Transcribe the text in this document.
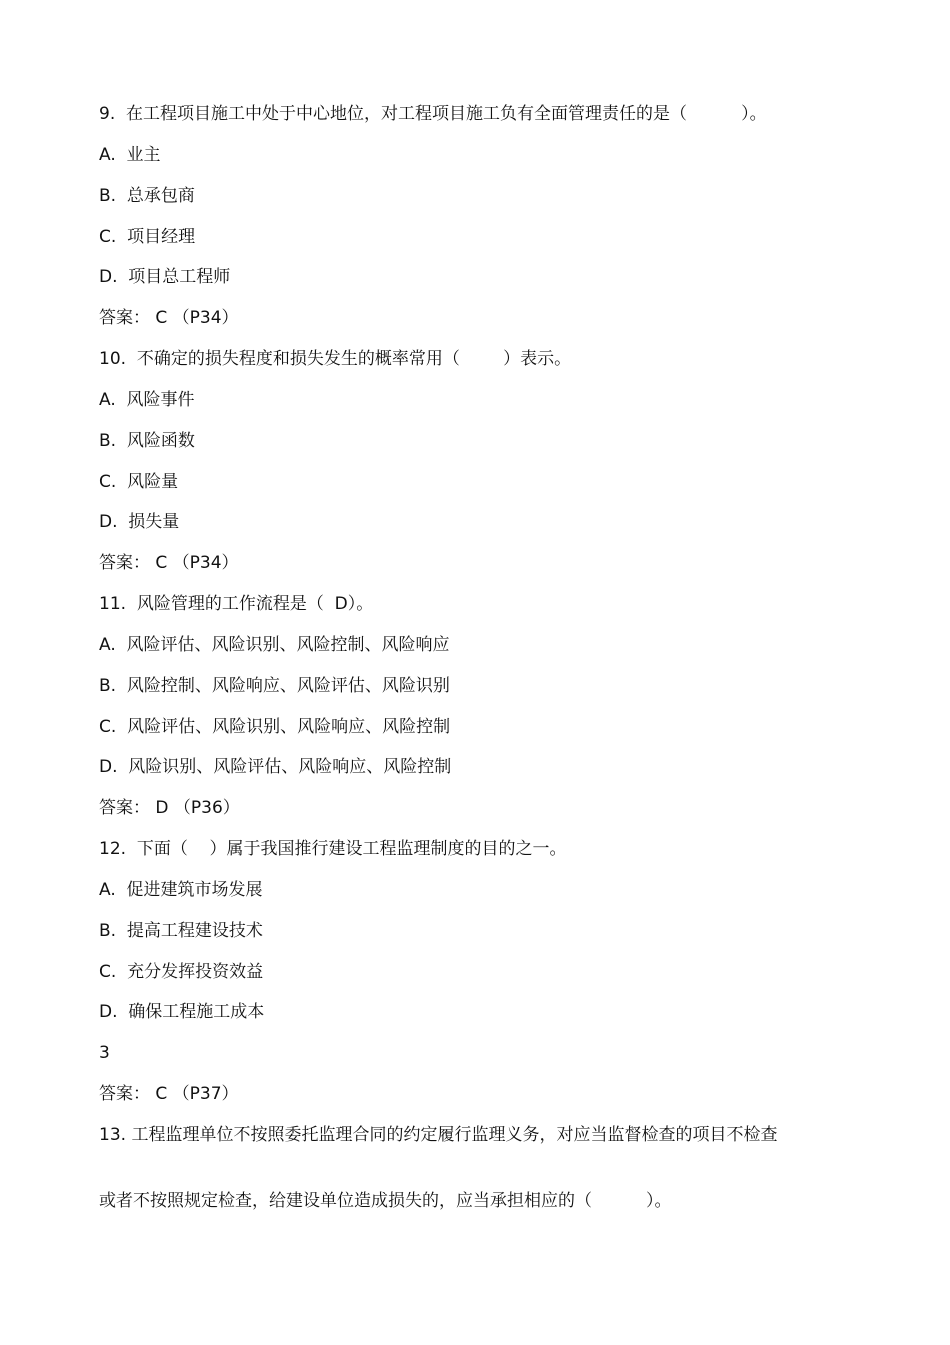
9.  在工程项目施工中处于中心地位，对工程项目施工负有全面管理责任的是（          ）。

A.  业主

B.  总承包商

C.  项目经理

D.  项目总工程师

答案： C （P34）

10.  不确定的损失程度和损失发生的概率常用（        ）表示。

A.  风险事件

B.  风险函数

C.  风险量

D.  损失量

答案： C （P34）

11.  风险管理的工作流程是（  D）。

A.  风险评估、风险识别、风险控制、风险响应

B.  风险控制、风险响应、风险评估、风险识别

C.  风险评估、风险识别、风险响应、风险控制

D.  风险识别、风险评估、风险响应、风险控制

答案： D （P36）

12.  下面（    ）属于我国推行建设工程监理制度的目的之一。

A.  促进建筑市场发展

B.  提高工程建设技术

C.  充分发挥投资效益

D.  确保工程施工成本

3

答案： C （P37）

13. 工程监理单位不按照委托监理合同的约定履行监理义务，对应当监督检查的项目不检查

或者不按照规定检查，给建设单位造成损失的，应当承担相应的（          ）。
